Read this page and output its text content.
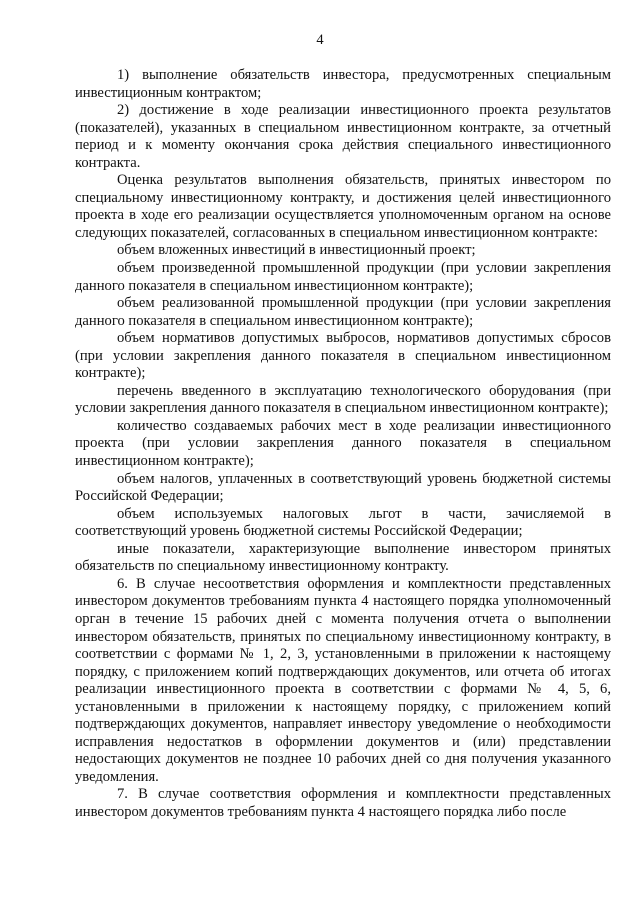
4

1) выполнение обязательств инвестора, предусмотренных специальным инвестиционным контрактом;

2) достижение в ходе реализации инвестиционного проекта результатов (показателей), указанных в специальном инвестиционном контракте, за отчетный период и к моменту окончания срока действия специального инвестиционного контракта.

Оценка результатов выполнения обязательств, принятых инвестором по специальному инвестиционному контракту, и достижения целей инвестиционного проекта в ходе его реализации осуществляется уполномоченным органом на основе следующих показателей, согласованных в специальном инвестиционном контракте:

объем вложенных инвестиций в инвестиционный проект;

объем произведенной промышленной продукции (при условии закрепления данного показателя в специальном инвестиционном контракте);

объем реализованной промышленной продукции (при условии закрепления данного показателя в специальном инвестиционном контракте);

объем нормативов допустимых выбросов, нормативов допустимых сбросов (при условии закрепления данного показателя в специальном инвестиционном контракте);

перечень введенного в эксплуатацию технологического оборудования (при условии закрепления данного показателя в специальном инвестиционном контракте);

количество создаваемых рабочих мест в ходе реализации инвестиционного проекта (при условии закрепления данного показателя в специальном инвестиционном контракте);

объем налогов, уплаченных в соответствующий уровень бюджетной системы Российской Федерации;

объем используемых налоговых льгот в части, зачисляемой в соответствующий уровень бюджетной системы Российской Федерации;

иные показатели, характеризующие выполнение инвестором принятых обязательств по специальному инвестиционному контракту.

6. В случае несоответствия оформления и комплектности представленных инвестором документов требованиям пункта 4 настоящего порядка уполномоченный орган в течение 15 рабочих дней с момента получения отчета о выполнении инвестором обязательств, принятых по специальному инвестиционному контракту, в соответствии с формами № 1, 2, 3, установленными в приложении к настоящему порядку, с приложением копий подтверждающих документов, или отчета об итогах реализации инвестиционного проекта в соответствии с формами № 4, 5, 6, установленными в приложении к настоящему порядку, с приложением копий подтверждающих документов, направляет инвестору уведомление о необходимости исправления недостатков в оформлении документов и (или) представлении недостающих документов не позднее 10 рабочих дней со дня получения указанного уведомления.

7. В случае соответствия оформления и комплектности представленных инвестором документов требованиям пункта 4 настоящего порядка либо после
